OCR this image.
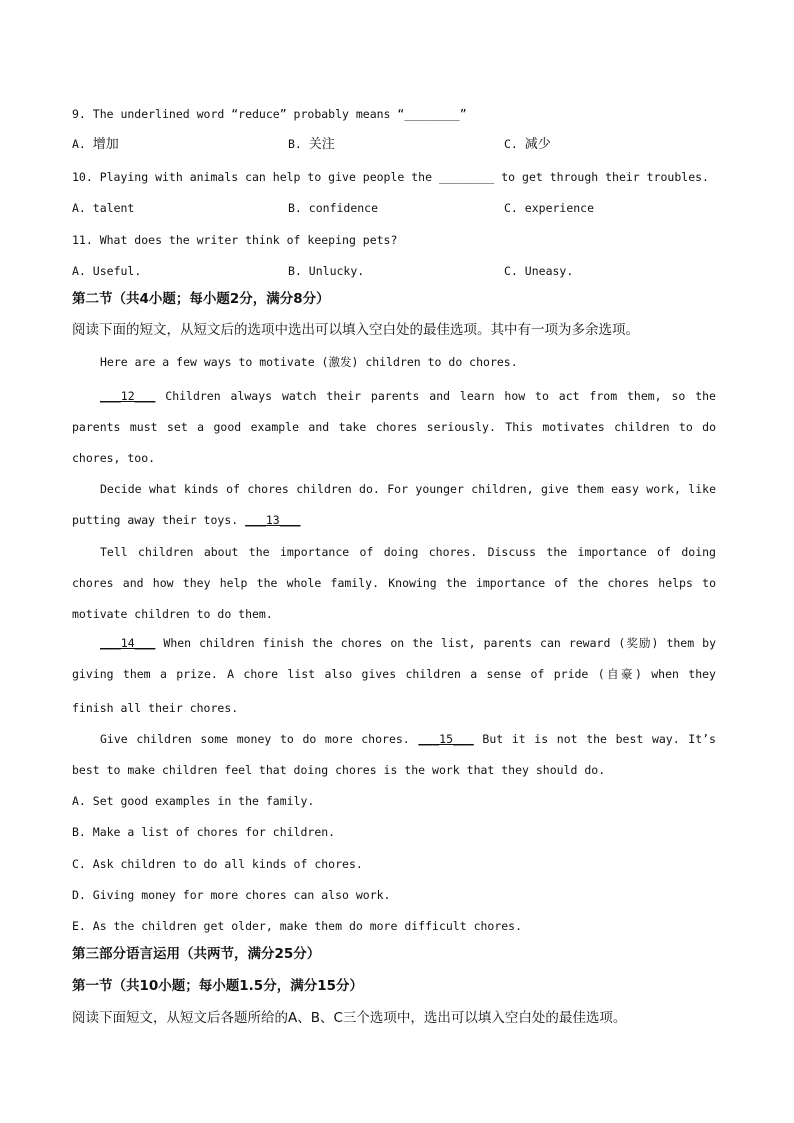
9. The underlined word “reduce” probably means “________”
A. 增加	B. 关注	C. 减少
10. Playing with animals can help to give people the ________ to get through their troubles.
A. talent	B. confidence	C. experience
11. What does the writer think of keeping pets?
A. Useful.	B. Unlucky.	C. Uneasy.
第二节（共4小题；每小题2分，满分8分）
阅读下面的短文，从短文后的选项中选出可以填入空白处的最佳选项。其中有一项为多余选项。
Here are a few ways to motivate (激发) children to do chores.
___12___ Children always watch their parents and learn how to act from them, so the
parents must set a good example and take chores seriously. This motivates children to do
chores, too.
Decide what kinds of chores children do. For younger children, give them easy work, like
putting away their toys. ___13___
Tell children about the importance of doing chores. Discuss the importance of doing
chores and how they help the whole family. Knowing the importance of the chores helps to
motivate children to do them.
___14___ When children finish the chores on the list, parents can reward (奖励) them by
giving them a prize. A chore list also gives children a sense of pride (自豪) when they
finish all their chores.
Give children some money to do more chores. ___15___ But it is not the best way. It’s
best to make children feel that doing chores is the work that they should do.
A. Set good examples in the family.
B. Make a list of chores for children.
C. Ask children to do all kinds of chores.
D. Giving money for more chores can also work.
E. As the children get older, make them do more difficult chores.
第三部分语言运用（共两节，满分25分）
第一节（共10小题；每小题1.5分，满分15分）
阅读下面短文，从短文后各题所给的A、B、C三个选项中，选出可以填入空白处的最佳选项。
